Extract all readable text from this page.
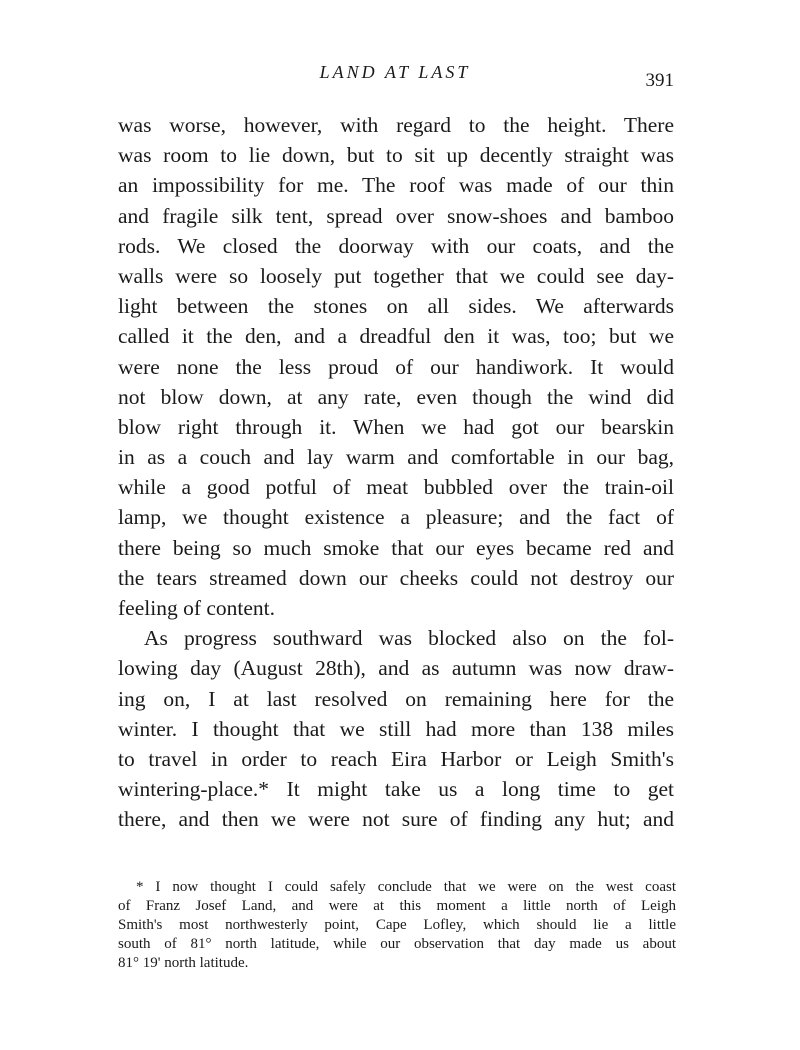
LAND AT LAST	391
was worse, however, with regard to the height. There
was room to lie down, but to sit up decently straight was
an impossibility for me. The roof was made of our thin
and fragile silk tent, spread over snow-shoes and bamboo
rods. We closed the doorway with our coats, and the
walls were so loosely put together that we could see day-
light between the stones on all sides. We afterwards
called it the den, and a dreadful den it was, too; but we
were none the less proud of our handiwork. It would
not blow down, at any rate, even though the wind did
blow right through it. When we had got our bearskin
in as a couch and lay warm and comfortable in our bag,
while a good potful of meat bubbled over the train-oil
lamp, we thought existence a pleasure; and the fact of
there being so much smoke that our eyes became red and
the tears streamed down our cheeks could not destroy our
feeling of content.
As progress southward was blocked also on the fol-
lowing day (August 28th), and as autumn was now draw-
ing on, I at last resolved on remaining here for the
winter. I thought that we still had more than 138 miles
to travel in order to reach Eira Harbor or Leigh Smith's
wintering-place.* It might take us a long time to get
there, and then we were not sure of finding any hut; and
* I now thought I could safely conclude that we were on the west coast
of Franz Josef Land, and were at this moment a little north of Leigh
Smith's most northwesterly point, Cape Lofley, which should lie a little
south of 81° north latitude, while our observation that day made us about
81° 19' north latitude.
